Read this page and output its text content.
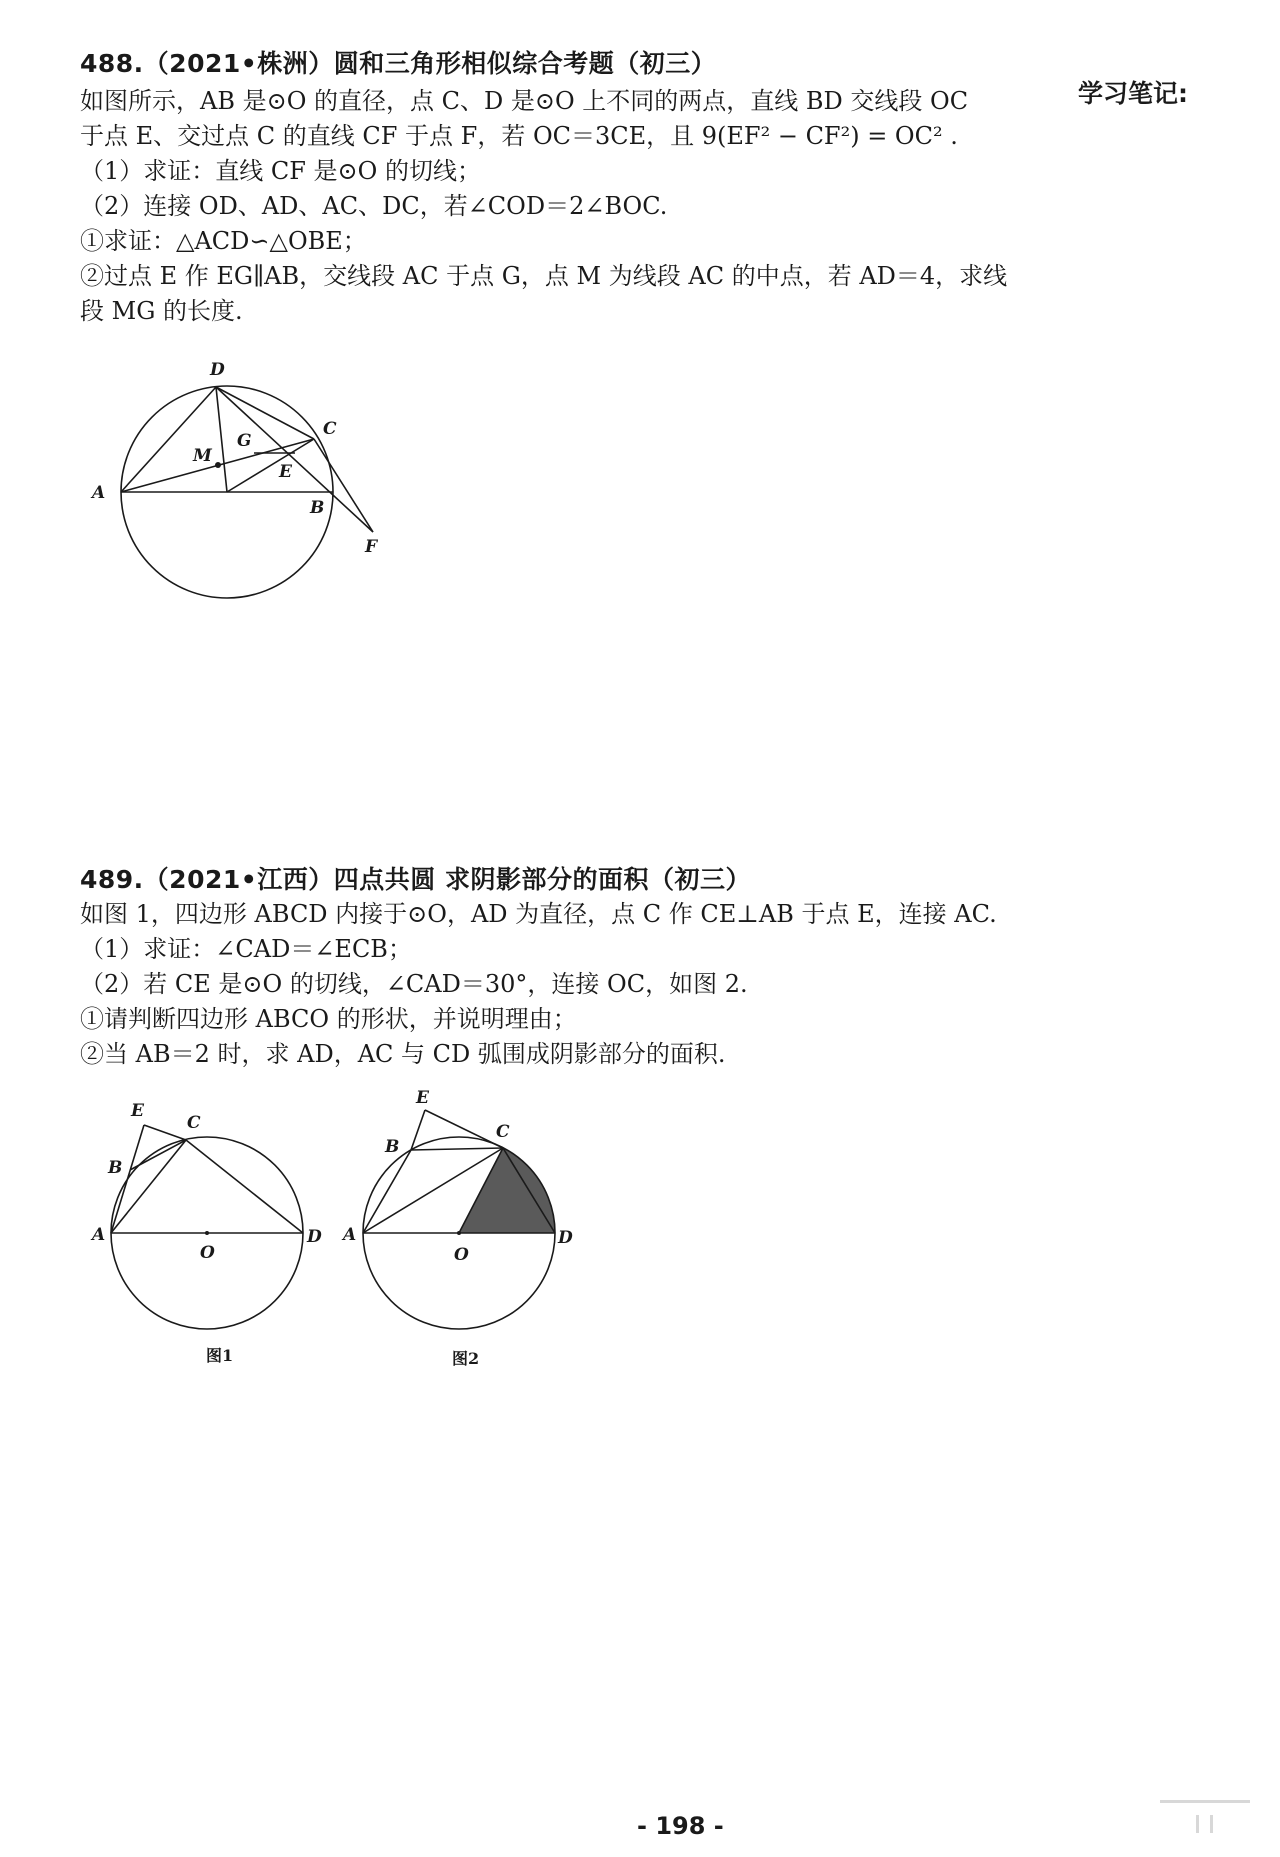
学习笔记:
488.（2021•株洲）圆和三角形相似综合考题（初三）
如图所示，AB 是⊙O 的直径，点 C、D 是⊙O 上不同的两点，直线 BD 交线段 OC
于点 E、交过点 C 的直线 CF 于点 F，若 OC＝3CE，且 9(EF² − CF²) = OC² .
（1）求证：直线 CF 是⊙O 的切线；
（2）连接 OD、AD、AC、DC，若∠COD＝2∠BOC.
①求证：△ACD∽△OBE；
②过点 E 作 EG∥AB，交线段 AC 于点 G，点 M 为线段 AC 的中点，若 AD＝4，求线
段 MG 的长度.
D
C
M
G
E
A
B
F
489.（2021•江西）四点共圆 求阴影部分的面积（初三）
如图 1，四边形 ABCD 内接于⊙O，AD 为直径，点 C 作 CE⊥AB 于点 E，连接 AC.
（1）求证：∠CAD＝∠ECB；
（2）若 CE 是⊙O 的切线，∠CAD＝30°，连接 OC，如图 2.
①请判断四边形 ABCO 的形状，并说明理由；
②当 AB＝2 时，求 AD，AC 与 CD 弧围成阴影部分的面积.
E
C
B
A
O
D
E
C
B
A
O
D
图1	图2
- 198 -
